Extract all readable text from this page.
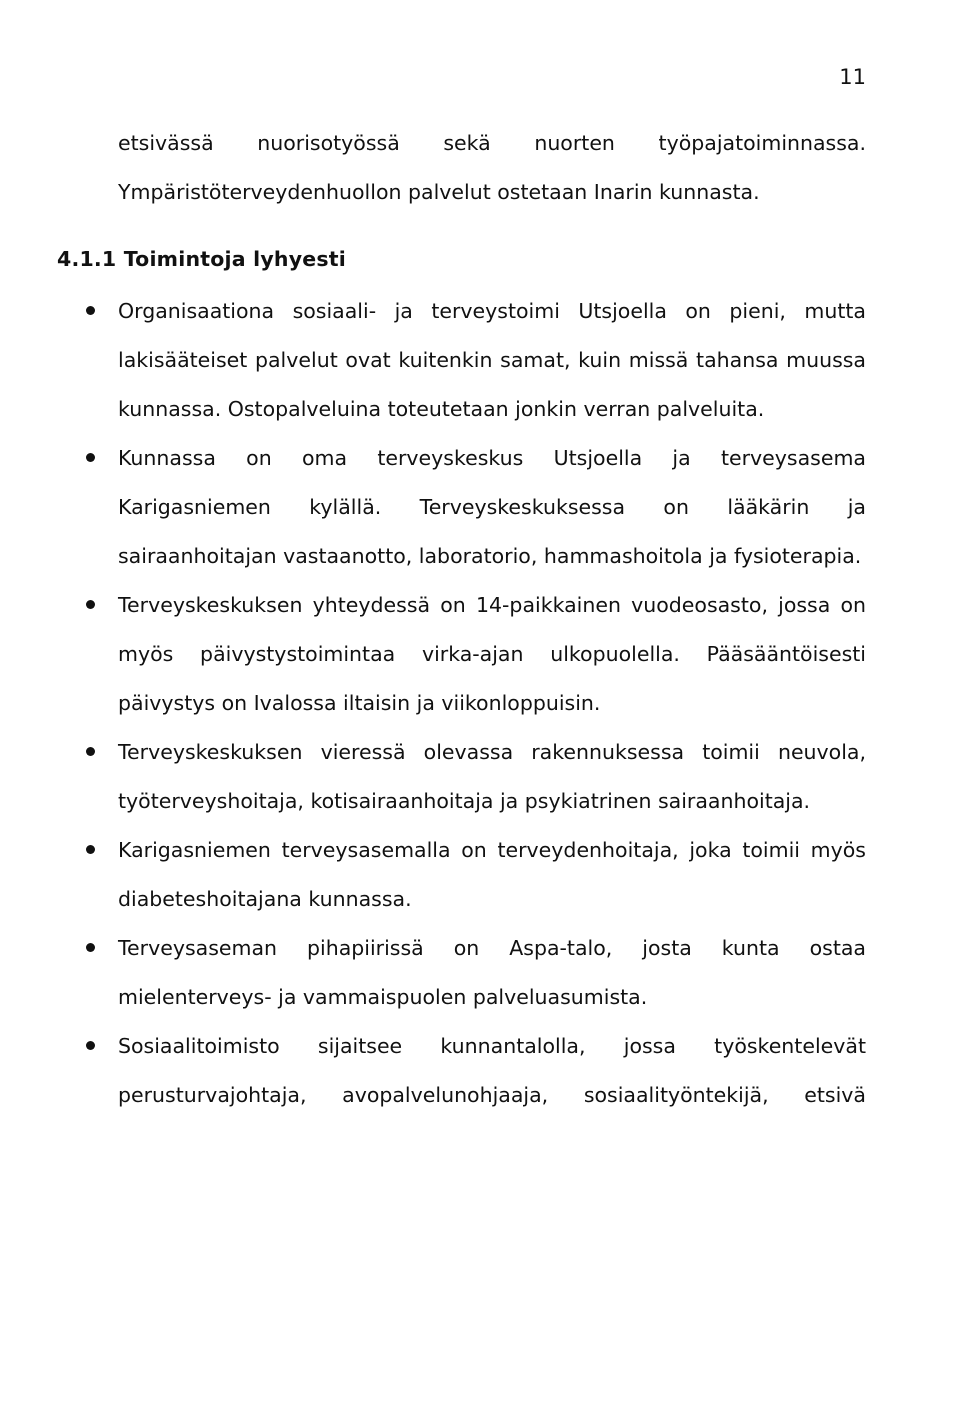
11
etsivässä nuorisotyössä sekä nuorten työpajatoiminnassa. Ympäristöterveydenhuollon palvelut ostetaan Inarin kunnasta.
4.1.1 Toimintoja lyhyesti
Organisaationa sosiaali- ja terveystoimi Utsjoella on pieni, mutta lakisääteiset palvelut ovat kuitenkin samat, kuin missä tahansa muussa kunnassa. Ostopalveluina toteutetaan jonkin verran palveluita.
Kunnassa on oma terveyskeskus Utsjoella ja terveysasema Karigasniemen kylällä. Terveyskeskuksessa on lääkärin ja sairaanhoitajan vastaanotto, laboratorio, hammashoitola ja fysioterapia.
Terveyskeskuksen yhteydessä on 14-paikkainen vuodeosasto, jossa on myös päivystystoimintaa virka-ajan ulkopuolella. Pääsääntöisesti päivystys on Ivalossa iltaisin ja viikonloppuisin.
Terveyskeskuksen vieressä olevassa rakennuksessa toimii neuvola, työterveyshoitaja, kotisairaanhoitaja ja psykiatrinen sairaanhoitaja.
Karigasniemen terveysasemalla on terveydenhoitaja, joka toimii myös diabeteshoitajana kunnassa.
Terveysaseman pihapiirissä on Aspa-talo, josta kunta ostaa mielenterveys- ja vammaispuolen palveluasumista.
Sosiaalitoimisto sijaitsee kunnantalolla, jossa työskentelevät perusturvajohtaja, avopalvelunohjaaja, sosiaalityöntekijä, etsivä
